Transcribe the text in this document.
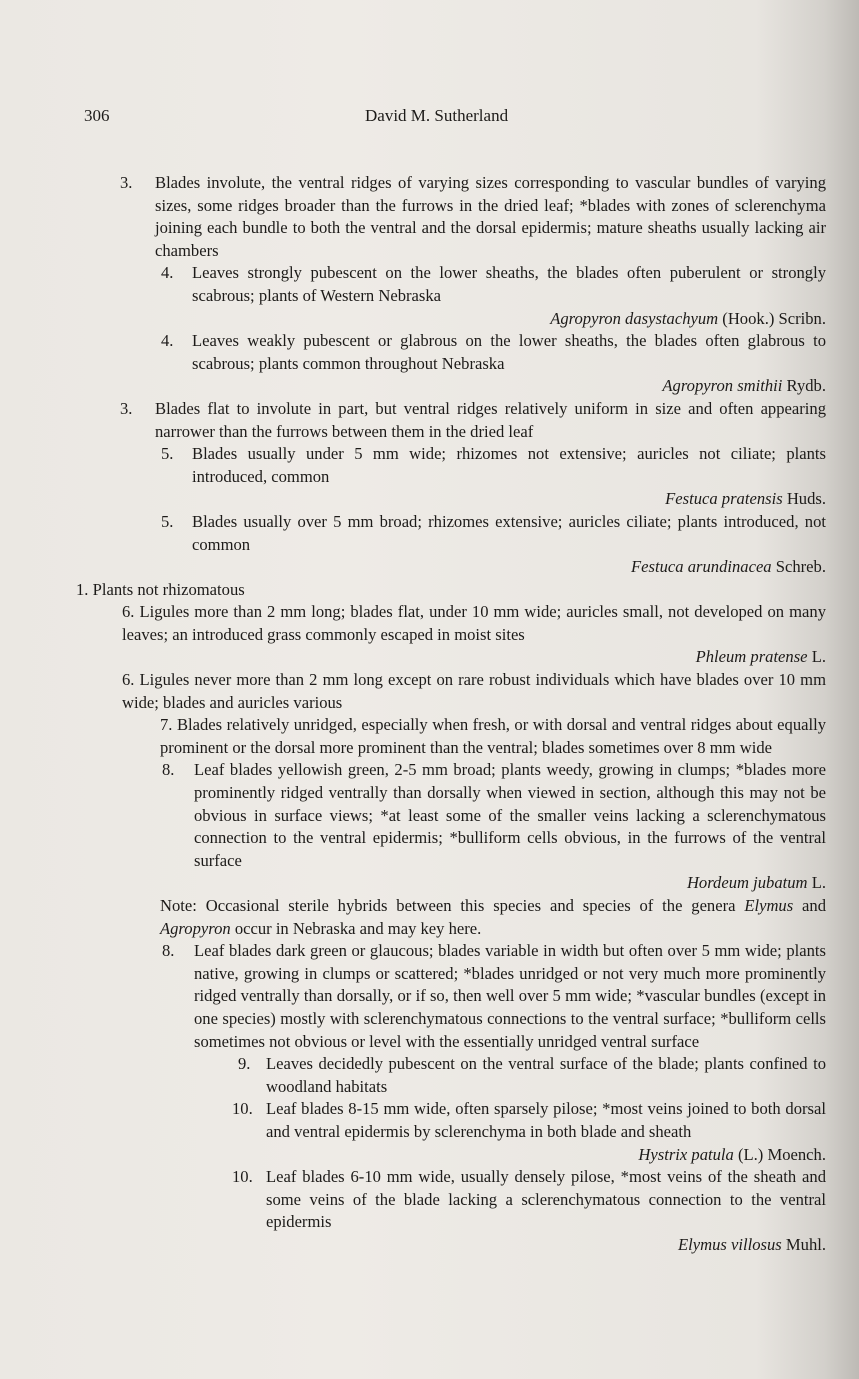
306	David M. Sutherland
3.	Blades involute, the ventral ridges of varying sizes corresponding to vascular bundles of varying sizes, some ridges broader than the furrows in the dried leaf; *blades with zones of sclerenchyma joining each bundle to both the ventral and the dorsal epidermis; mature sheaths usually lacking air chambers
4.	Leaves strongly pubescent on the lower sheaths, the blades often puberulent or strongly scabrous; plants of Western Nebraska
Agropyron dasystachyum (Hook.) Scribn.
4.	Leaves weakly pubescent or glabrous on the lower sheaths, the blades often glabrous to scabrous; plants common throughout Nebraska
Agropyron smithii Rydb.
3.	Blades flat to involute in part, but ventral ridges relatively uniform in size and often appearing narrower than the furrows between them in the dried leaf
5.	Blades usually under 5 mm wide; rhizomes not extensive; auricles not ciliate; plants introduced, common
Festuca pratensis Huds.
5.	Blades usually over 5 mm broad; rhizomes extensive; auricles ciliate; plants introduced, not common
Festuca arundinacea Schreb.
1. Plants not rhizomatous
6. Ligules more than 2 mm long; blades flat, under 10 mm wide; auricles small, not developed on many leaves; an introduced grass commonly escaped in moist sites
Phleum pratense L.
6. Ligules never more than 2 mm long except on rare robust individuals which have blades over 10 mm wide; blades and auricles various
7. Blades relatively unridged, especially when fresh, or with dorsal and ventral ridges about equally prominent or the dorsal more prominent than the ventral; blades sometimes over 8 mm wide
8.	Leaf blades yellowish green, 2-5 mm broad; plants weedy, growing in clumps; *blades more prominently ridged ventrally than dorsally when viewed in section, although this may not be obvious in surface views; *at least some of the smaller veins lacking a sclerenchymatous connection to the ventral epidermis; *bulliform cells obvious, in the furrows of the ventral surface
Hordeum jubatum L.
Note: Occasional sterile hybrids between this species and species of the genera Elymus and Agropyron occur in Nebraska and may key here.
8.	Leaf blades dark green or glaucous; blades variable in width but often over 5 mm wide; plants native, growing in clumps or scattered; *blades unridged or not very much more prominently ridged ventrally than dorsally, or if so, then well over 5 mm wide; *vascular bundles (except in one species) mostly with sclerenchymatous connections to the ventral surface; *bulliform cells sometimes not obvious or level with the essentially unridged ventral surface
9. Leaves decidedly pubescent on the ventral surface of the blade; plants confined to woodland habitats
10. Leaf blades 8-15 mm wide, often sparsely pilose; *most veins joined to both dorsal and ventral epidermis by sclerenchyma in both blade and sheath
Hystrix patula (L.) Moench.
10. Leaf blades 6-10 mm wide, usually densely pilose, *most veins of the sheath and some veins of the blade lacking a sclerenchymatous connection to the ventral epidermis
Elymus villosus Muhl.
